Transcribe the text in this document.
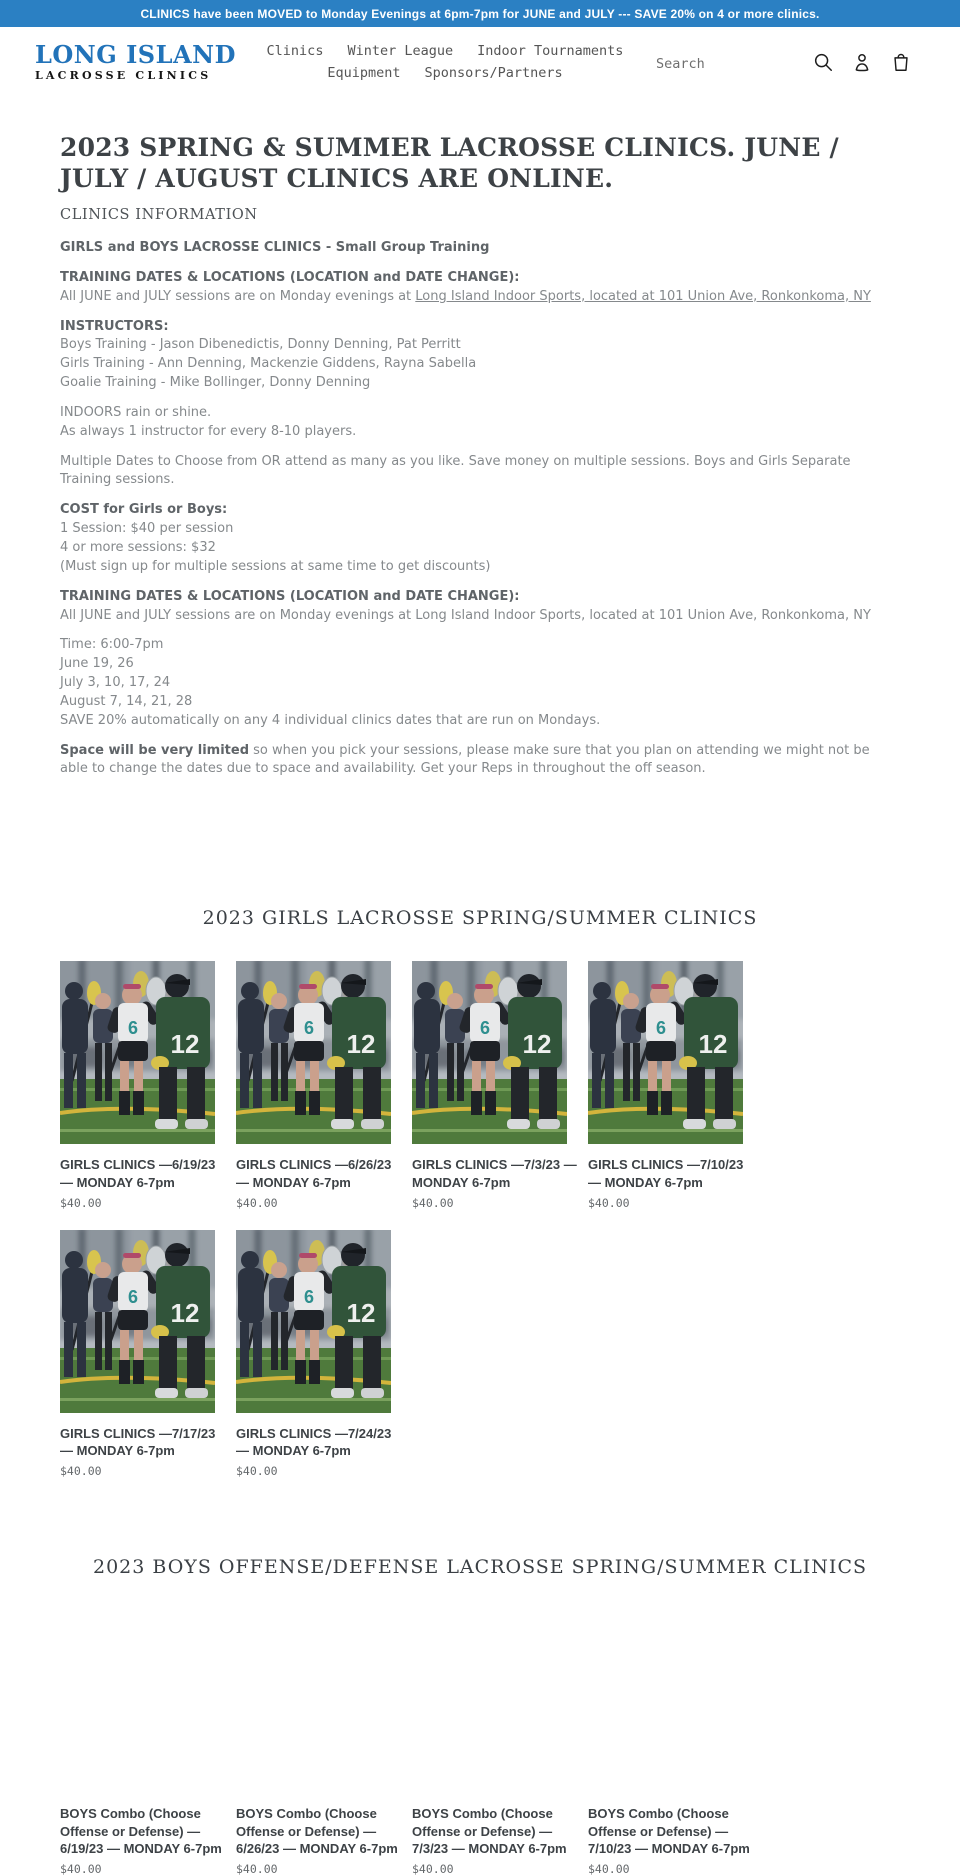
CLINICS have been MOVED to Monday Evenings at 6pm-7pm for JUNE and JULY --- SAVE 20% on 4 or more clinics.
LONG ISLAND
LACROSSE CLINICS
Clinics Winter League Indoor Tournaments
Equipment Sponsors/Partners
Search
2023 SPRING & SUMMER LACROSSE CLINICS. JUNE / JULY / AUGUST CLINICS ARE ONLINE.
CLINICS INFORMATION

GIRLS and BOYS LACROSSE CLINICS - Small Group Training

TRAINING DATES & LOCATIONS (LOCATION and DATE CHANGE):
All JUNE and JULY sessions are on Monday evenings at Long Island Indoor Sports, located at 101 Union Ave, Ronkonkoma, NY

INSTRUCTORS:
Boys Training - Jason Dibenedictis, Donny Denning, Pat Perritt
Girls Training - Ann Denning, Mackenzie Giddens, Rayna Sabella
Goalie Training - Mike Bollinger, Donny Denning

INDOORS rain or shine.
As always 1 instructor for every 8-10 players.

Multiple Dates to Choose from OR attend as many as you like. Save money on multiple sessions. Boys and Girls Separate Training sessions.

COST for Girls or Boys:
1 Session: $40 per session
4 or more sessions: $32
(Must sign up for multiple sessions at same time to get discounts)

TRAINING DATES & LOCATIONS (LOCATION and DATE CHANGE):
All JUNE and JULY sessions are on Monday evenings at Long Island Indoor Sports, located at 101 Union Ave, Ronkonkoma, NY

Time: 6:00-7pm
June 19, 26
July 3, 10, 17, 24
August 7, 14, 21, 28
SAVE 20% automatically on any 4 individual clinics dates that are run on Mondays.

Space will be very limited so when you pick your sessions, please make sure that you plan on attending we might not be able to change the dates due to space and availability. Get your Reps in throughout the off season.

2023 GIRLS LACROSSE SPRING/SUMMER CLINICS
GIRLS CLINICS —6/19/23 — MONDAY 6-7pm
$40.00
GIRLS CLINICS —6/26/23 — MONDAY 6-7pm
$40.00
GIRLS CLINICS —7/3/23 — MONDAY 6-7pm
$40.00
GIRLS CLINICS —7/10/23 — MONDAY 6-7pm
$40.00
GIRLS CLINICS —7/17/23 — MONDAY 6-7pm
$40.00
GIRLS CLINICS —7/24/23 — MONDAY 6-7pm
$40.00
2023 BOYS OFFENSE/DEFENSE LACROSSE SPRING/SUMMER CLINICS
BOYS Combo (Choose Offense or Defense) — 6/19/23 — MONDAY 6-7pm
$40.00
BOYS Combo (Choose Offense or Defense) — 6/26/23 — MONDAY 6-7pm
$40.00
BOYS Combo (Choose Offense or Defense) — 7/3/23 — MONDAY 6-7pm
$40.00
BOYS Combo (Choose Offense or Defense) — 7/10/23 — MONDAY 6-7pm
$40.00
